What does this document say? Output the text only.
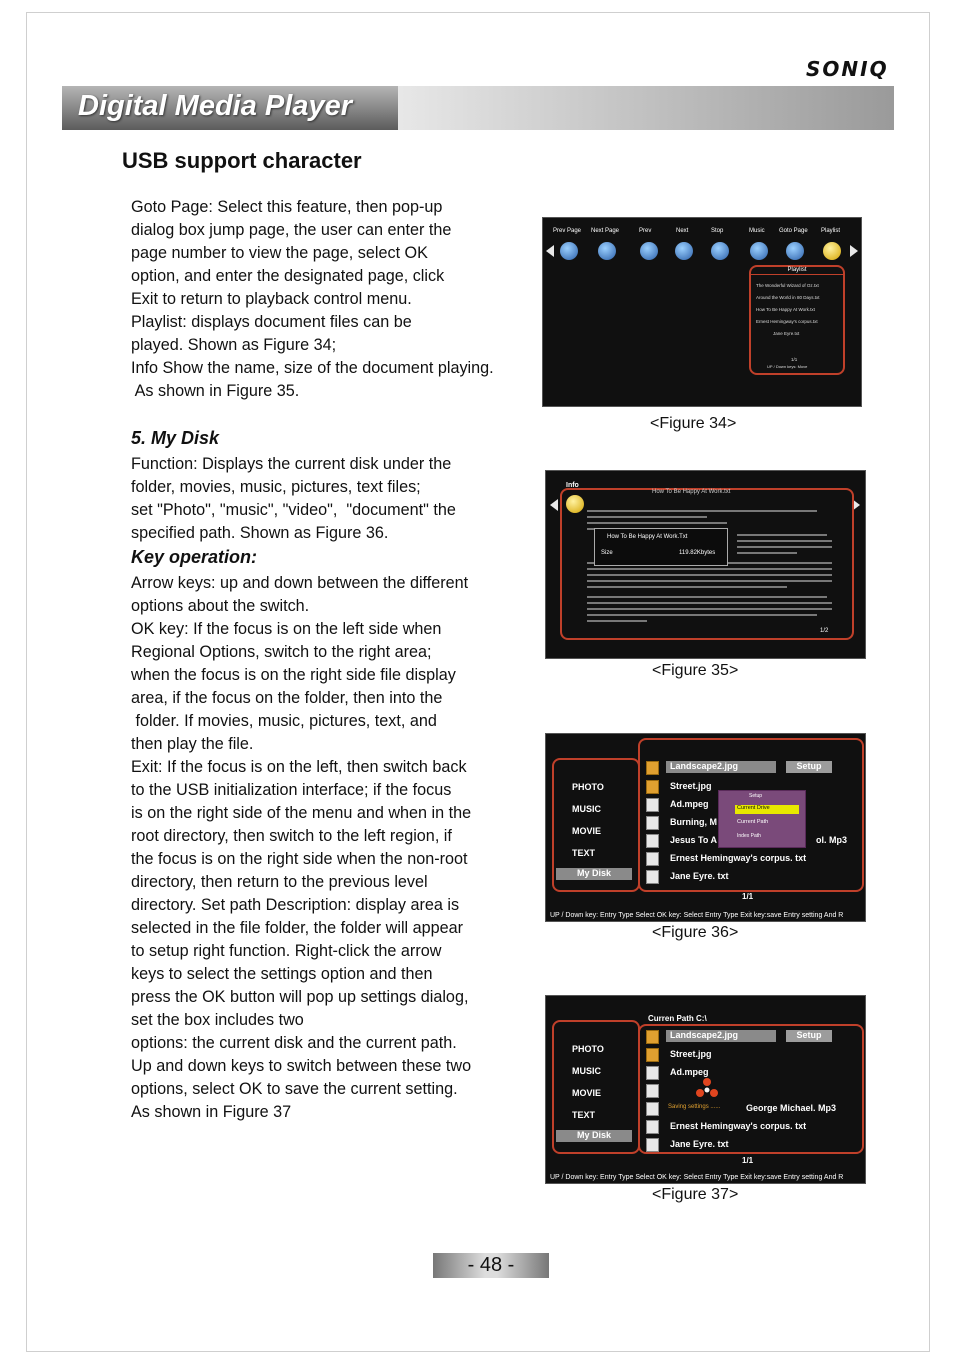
SONIQ
Digital Media Player
USB support character
Goto Page: Select this feature, then pop-up
dialog box jump page, the user can enter the
page number to view the page, select OK
option, and enter the designated page, click
Exit to return to playback control menu.
Playlist: displays document files can be
played. Shown as Figure 34;
Info Show the name, size of the document playing.
As shown in Figure 35.
5. My Disk
Function: Displays the current disk under the
folder, movies, music, pictures, text files;
set "Photo", "music", "video",  "document" the
specified path. Shown as Figure 36.
Key operation:
Arrow keys: up and down between the different
options about the switch.
OK key: If the focus is on the left side when
Regional Options, switch to the right area;
when the focus is on the right side file display
area, if the focus on the folder, then into the
folder. If movies, music, pictures, text, and
then play the file.
Exit: If the focus is on the left, then switch back
to the USB initialization interface; if the focus
is on the right side of the menu and when in the
root directory, then switch to the left region, if
the focus is on the right side when the non-root
directory, then return to the previous level
directory. Set path Description: display area is
selected in the file folder, the folder will appear
to setup right function. Right-click the arrow
keys to select the settings option and then
press the OK button will pop up settings dialog,
set the box includes two
options: the current disk and the current path.
Up and down keys to switch between these two
options, select OK to save the current setting.
As shown in Figure 37
Prev Page Next Page	Prev	Next	Stop	Music Goto Page Playlist
Playlist
The Wonderful Wizard of Oz.txt
Around the World in 80 Days.txt
How To Be Happy At Work.txt
Ernest Hemingway's corpus.txt
Jane Eyre.txt
1/1
UP / Down keys: Move
<Figure 34>
Info
How To Be Happy At Work.txt
How To Be Happy At Work.Txt
Size	119.82Kbytes
1/2
<Figure 35>
PHOTO
MUSIC
MOVIE
TEXT
My Disk
Landscape2.jpg	Setup
Street.jpg
Ad.mpeg
Burning, M
Jesus To A	ol. Mp3
Ernest Hemingway's corpus. txt
Jane Eyre. txt
Setup
Current Drive
Current Path
Index Path
1/1
UP / Down key: Entry Type Select OK key: Select Entry Type Exit key:save Entry setting And R
<Figure 36>
Curren Path C:\
PHOTO
MUSIC
MOVIE
TEXT
My Disk
Landscape2.jpg	Setup
Street.jpg
Ad.mpeg
George Michael. Mp3
Ernest Hemingway's corpus. txt
Jane Eyre. txt
Saving settings ......
1/1
UP / Down key: Entry Type Select OK key: Select Entry Type Exit key:save Entry setting And R
<Figure 37>
- 48 -
